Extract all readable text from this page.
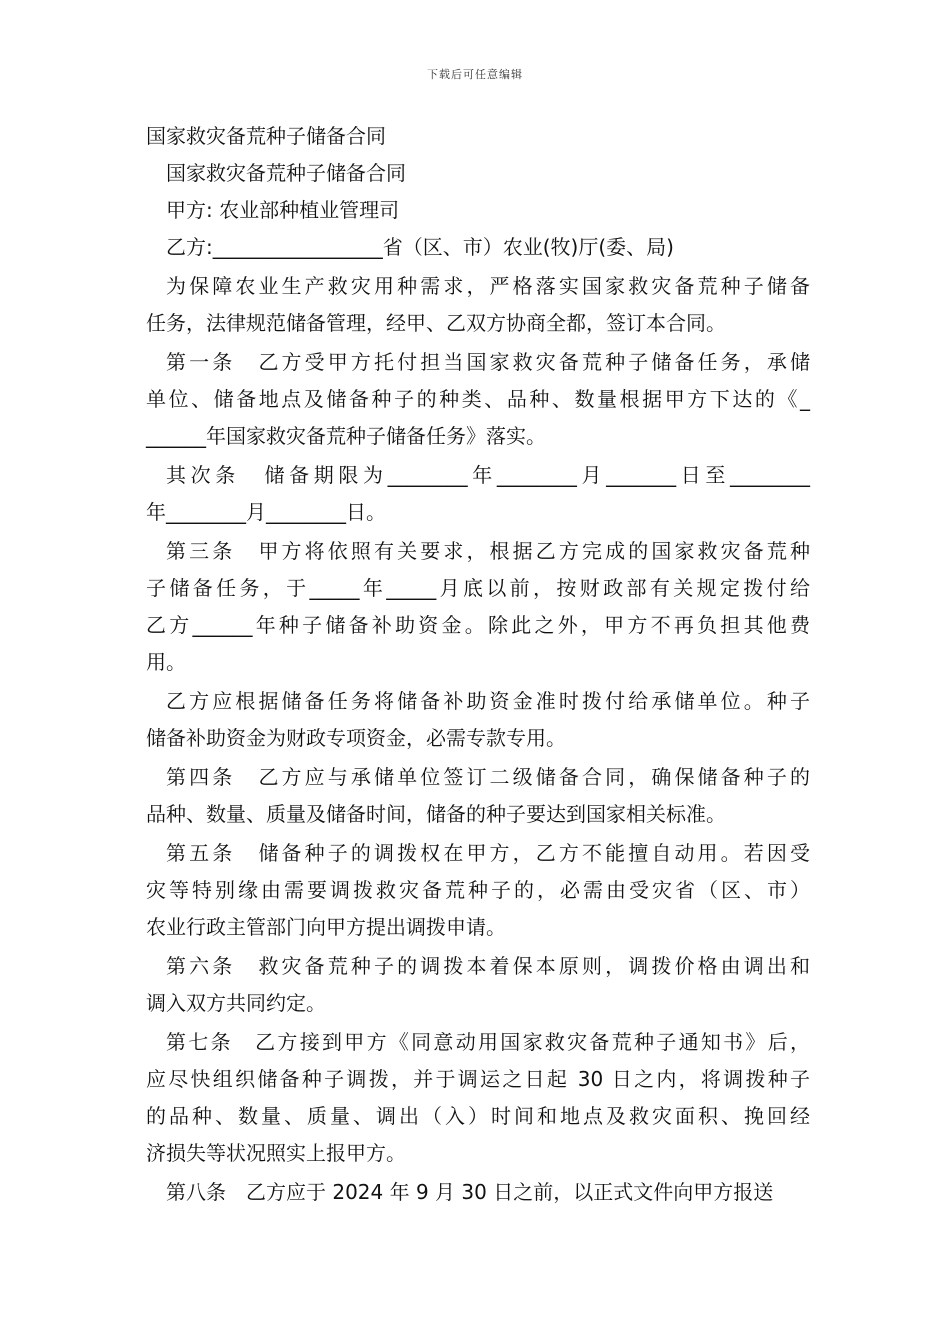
下载后可任意编辑
国家救灾备荒种子储备合同
国家救灾备荒种子储备合同
甲方: 农业部种植业管理司
乙方:_________________省（区、市）农业(牧)厅(委、局)
为保障农业生产救灾用种需求，严格落实国家救灾备荒种子储备
任务，法律规范储备管理，经甲、乙双方协商全都，签订本合同。
第一条　乙方受甲方托付担当国家救灾备荒种子储备任务，承储
单位、储备地点及储备种子的种类、品种、数量根据甲方下达的《_
______年国家救灾备荒种子储备任务》落实。
其次条　储备期限为________年________月_______日至________
年________月________日。
第三条　甲方将依照有关要求，根据乙方完成的国家救灾备荒种
子储备任务，于_____年_____月底以前，按财政部有关规定拨付给
乙方______年种子储备补助资金。除此之外，甲方不再负担其他费
用。
乙方应根据储备任务将储备补助资金准时拨付给承储单位。种子
储备补助资金为财政专项资金，必需专款专用。
第四条　乙方应与承储单位签订二级储备合同，确保储备种子的
品种、数量、质量及储备时间，储备的种子要达到国家相关标准。
第五条　储备种子的调拨权在甲方，乙方不能擅自动用。若因受
灾等特别缘由需要调拨救灾备荒种子的，必需由受灾省（区、市）
农业行政主管部门向甲方提出调拨申请。
第六条　救灾备荒种子的调拨本着保本原则，调拨价格由调出和
调入双方共同约定。
第七条　乙方接到甲方《同意动用国家救灾备荒种子通知书》后，
应尽快组织储备种子调拨，并于调运之日起 30 日之内，将调拨种子
的品种、数量、质量、调出（入）时间和地点及救灾面积、挽回经
济损失等状况照实上报甲方。
第八条　乙方应于 2024 年 9 月 30 日之前，以正式文件向甲方报送
